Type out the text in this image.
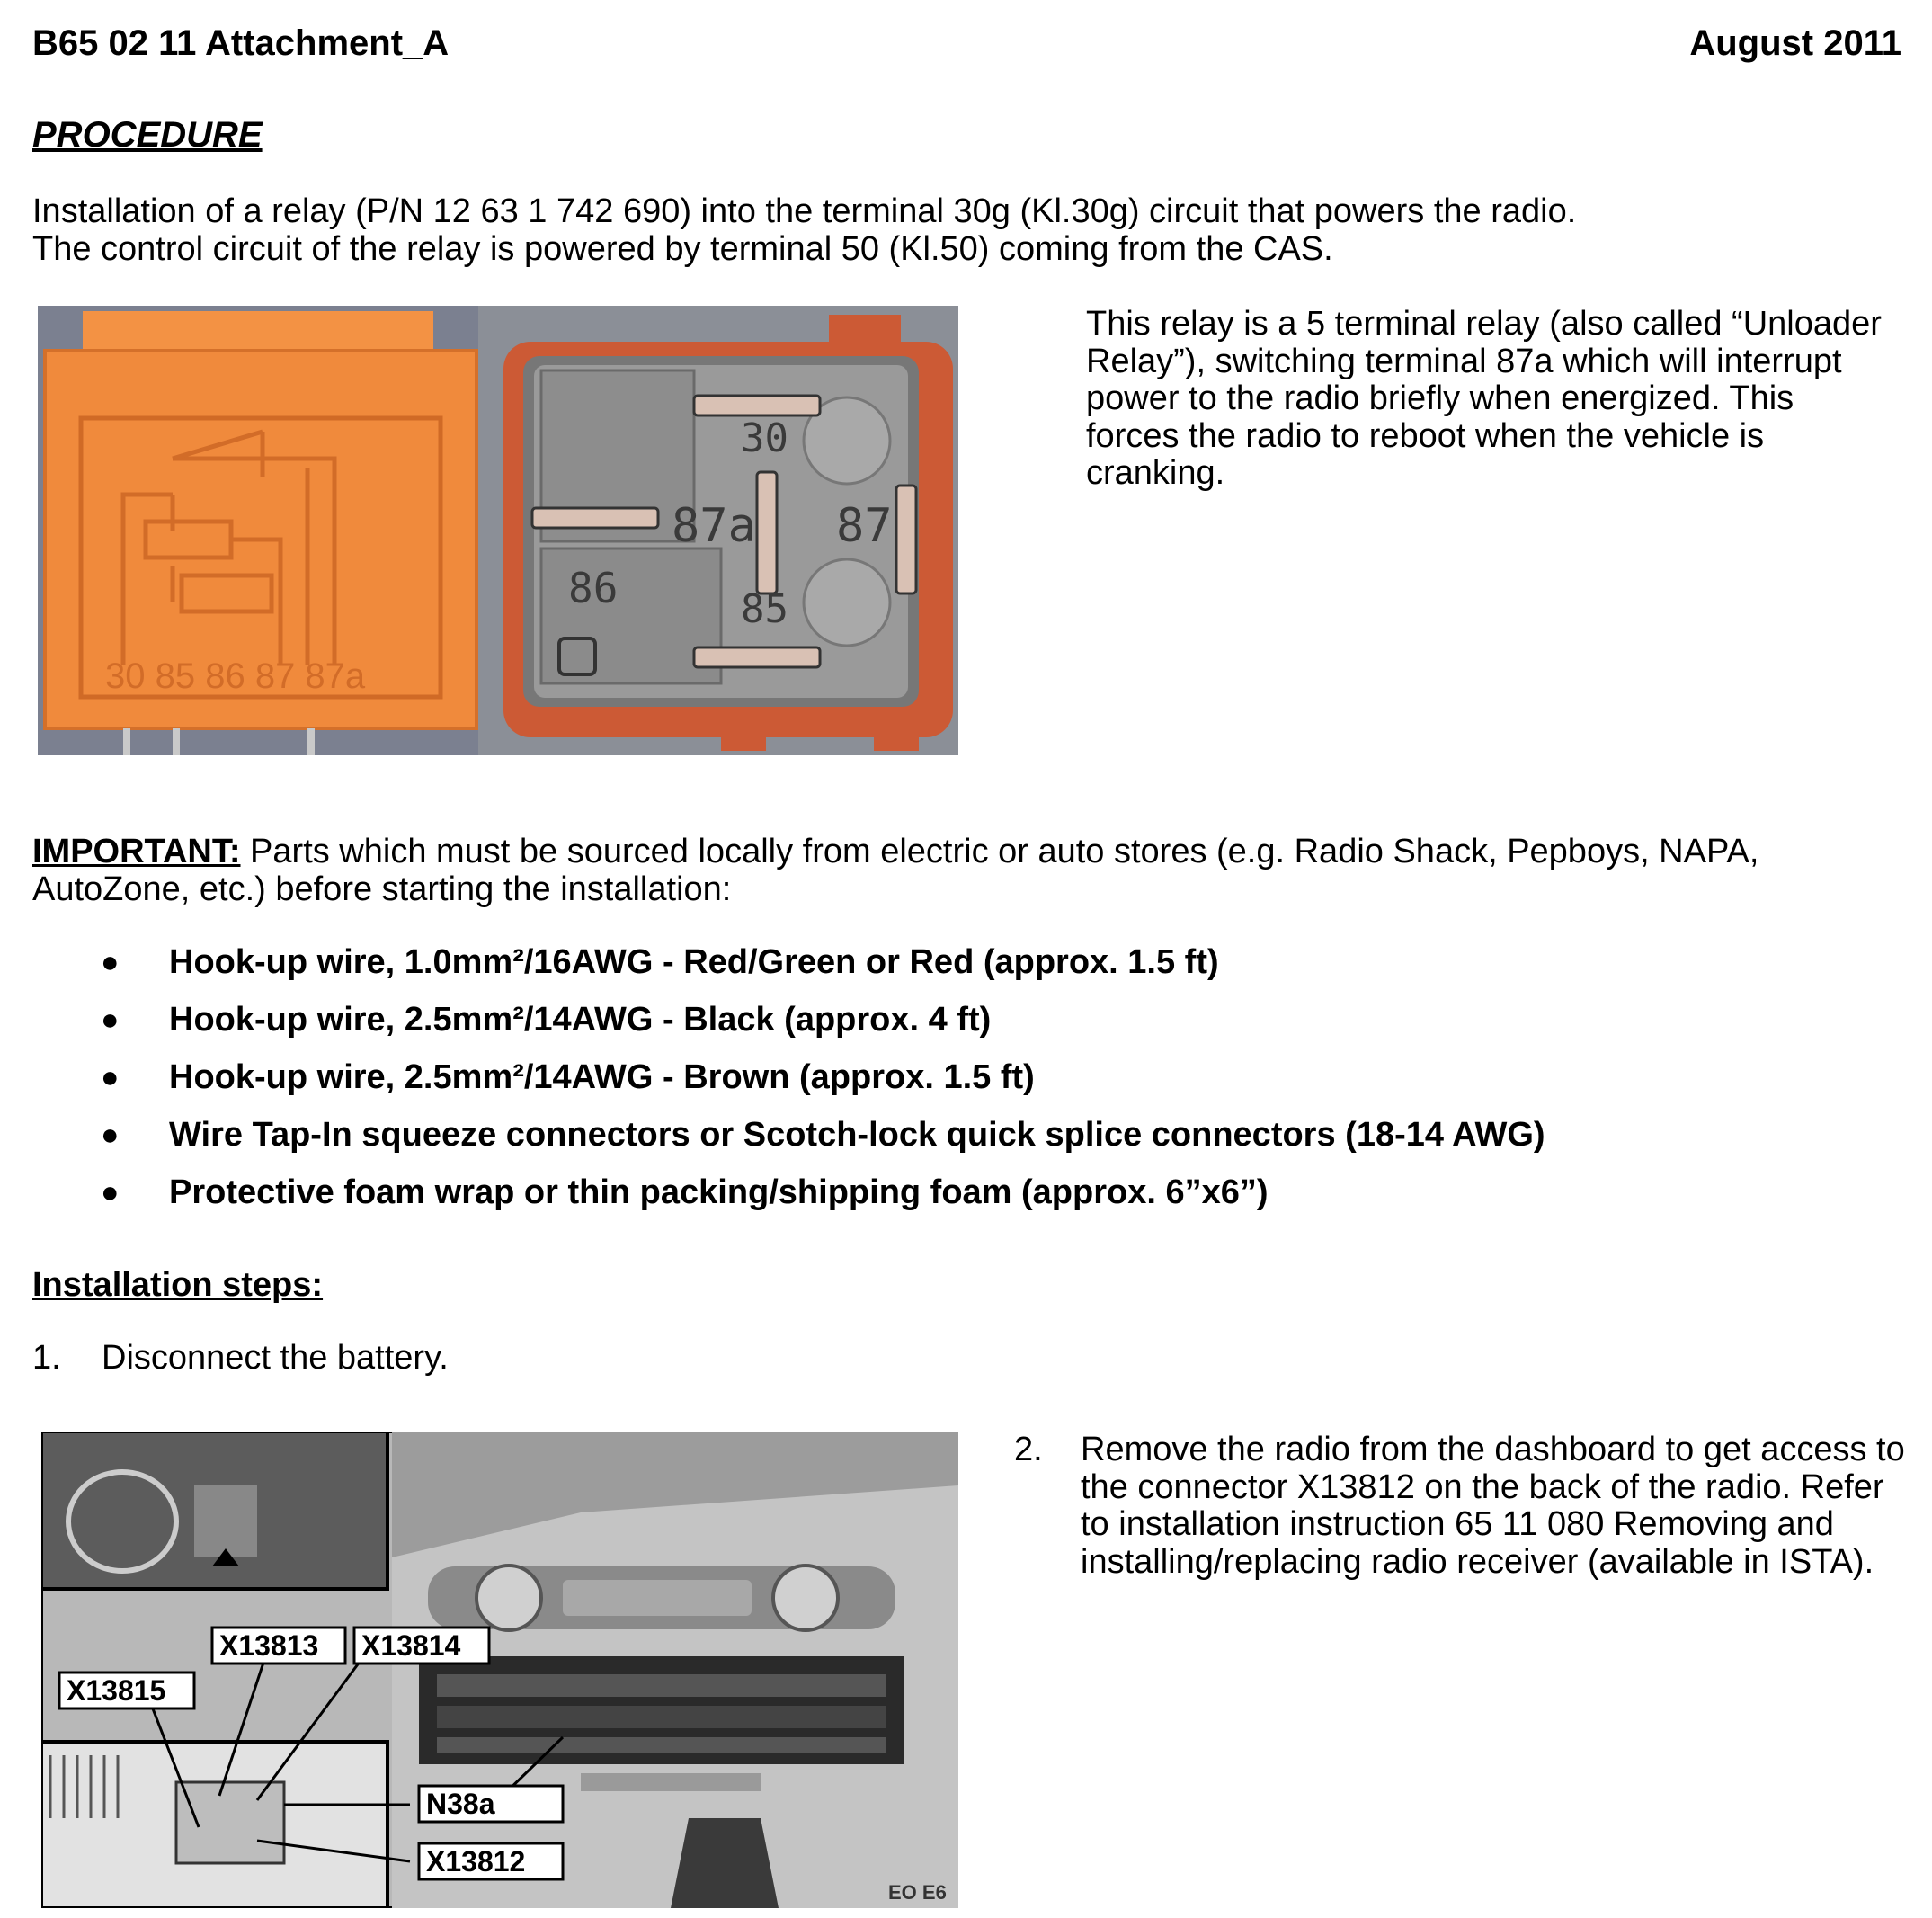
B65 02 11 Attachment_A	August 2011
PROCEDURE
Installation of a relay (P/N 12 63 1 742 690) into the terminal 30g (Kl.30g) circuit that powers the radio.
The control circuit of the relay is powered by terminal 50 (Kl.50) coming from the CAS.
30 85 86 87 87a
30
87a 87
86	85
This relay is a 5 terminal relay (also called “Unloader Relay”), switching terminal 87a which will interrupt power to the radio briefly when energized. This forces the radio to reboot when the vehicle is cranking.
IMPORTANT: Parts which must be sourced locally from electric or auto stores (e.g. Radio Shack, Pepboys, NAPA, AutoZone, etc.) before starting the installation:
● Hook-up wire, 1.0mm²/16AWG - Red/Green or Red (approx. 1.5 ft)
● Hook-up wire, 2.5mm²/14AWG - Black (approx. 4 ft)
● Hook-up wire, 2.5mm²/14AWG - Brown (approx. 1.5 ft)
● Wire Tap-In squeeze connectors or Scotch-lock quick splice connectors (18-14 AWG)
● Protective foam wrap or thin packing/shipping foam (approx. 6”x6”)
Installation steps:
1. Disconnect the battery.
X13813 X13814
X13815
N38a
X13812
EO E6
2. Remove the radio from the dashboard to get access to the connector X13812 on the back of the radio. Refer to installation instruction 65 11 080 Removing and installing/replacing radio receiver (available in ISTA).
